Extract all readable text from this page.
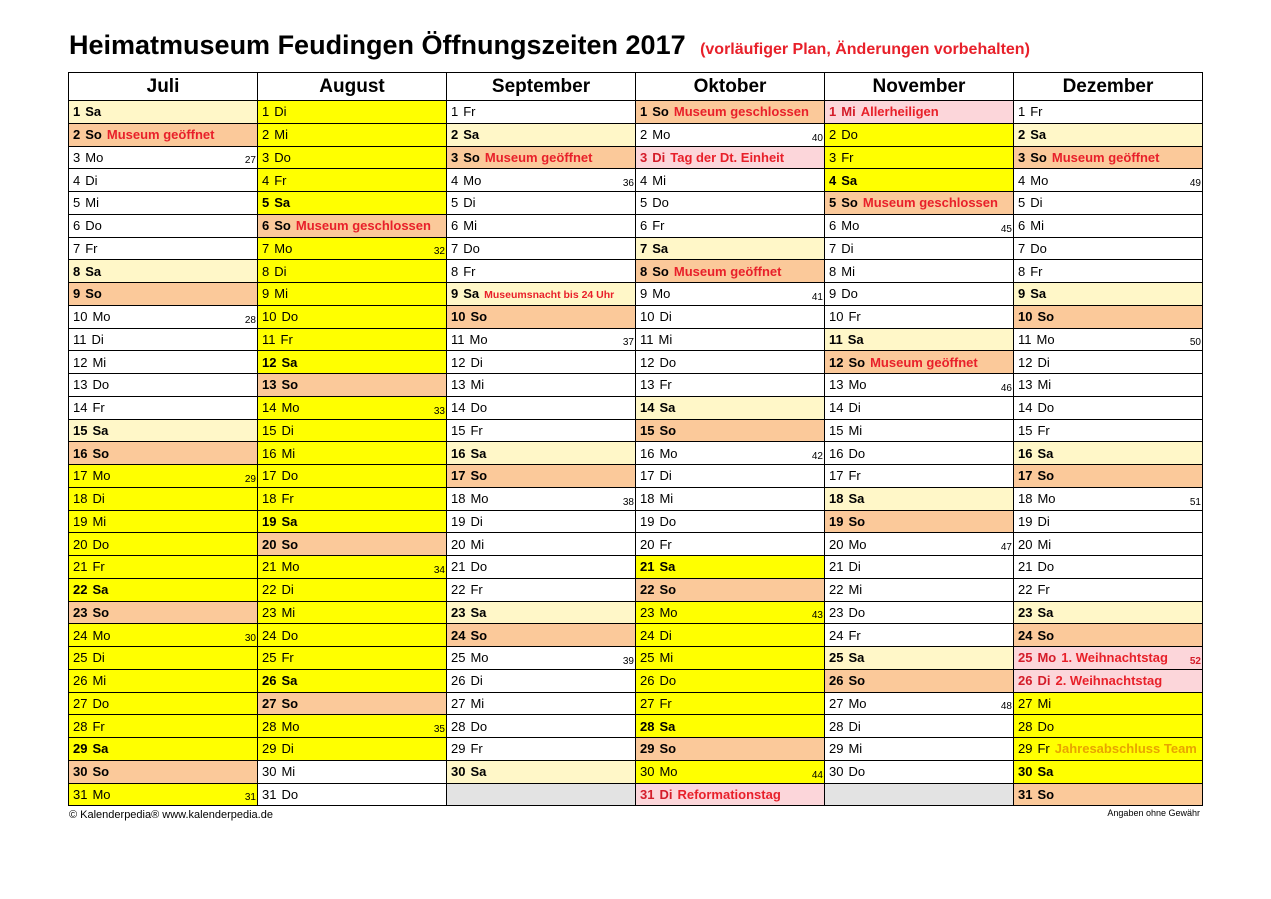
Heimatmuseum Feudingen Öffnungszeiten 2017 (vorläufiger Plan, Änderungen vorbehalten)
Juli	August	September	Oktober	November	Dezember
1 Sa	1 Di	1 Fr	1 So Museum geschlossen	1 Mi Allerheiligen	1 Fr
2 So Museum geöffnet	2 Mi	2 Sa	2 Mo 40	2 Do	2 Sa
3 Mo 27	3 Do	3 So Museum geöffnet	3 Di Tag der Dt. Einheit	3 Fr	3 So Museum geöffnet
4 Di	4 Fr	4 Mo 36	4 Mi	4 Sa	4 Mo 49

5 Mi	5 Sa	5 Di	5 Do	5 So Museum geschlossen	5 Di
6 Do	6 So Museum geschlossen	6 Mi	6 Fr	6 Mo 45	6 Mi
7 Fr	7 Mo 32	7 Do	7 Sa	7 Di	7 Do
8 Sa	8 Di	8 Fr	8 So Museum geöffnet	8 Mi	8 Fr
9 So	9 Mi	9 Sa Museumsnacht bis 24 Uhr	9 Mo 41	9 Do	9 Sa
10 Mo 28	10 Do	10 So	10 Di	10 Fr	10 So
11 Di	11 Fr	11 Mo 37	11 Mi	11 Sa	11 Mo 50

12 Mi	12 Sa	12 Di	12 Do	12 So Museum geöffnet	12 Di
13 Do	13 So	13 Mi	13 Fr	13 Mo 46	13 Mi
14 Fr	14 Mo 33	14 Do	14 Sa	14 Di	14 Do
15 Sa	15 Di	15 Fr	15 So	15 Mi	15 Fr
16 So	16 Mi	16 Sa	16 Mo 42	16 Do	16 Sa
17 Mo 29	17 Do	17 So	17 Di	17 Fr	17 So
18 Di	18 Fr	18 Mo 38	18 Mi	18 Sa	18 Mo 51

19 Mi	19 Sa	19 Di	19 Do	19 So	19 Di
20 Do	20 So	20 Mi	20 Fr	20 Mo 47	20 Mi
21 Fr	21 Mo 34	21 Do	21 Sa	21 Di	21 Do
22 Sa	22 Di	22 Fr	22 So	22 Mi	22 Fr
23 So	23 Mi	23 Sa	23 Mo 43	23 Do	23 Sa
24 Mo 30	24 Do	24 So	24 Di	24 Fr	24 So
25 Di	25 Fr	25 Mo 39	25 Mi	25 Sa	25 Mo 1. Weihnachtstag 52

26 Mi	26 Sa	26 Di	26 Do	26 So	26 Di 2. Weihnachtstag
27 Do	27 So	27 Mi	27 Fr	27 Mo 48	27 Mi
28 Fr	28 Mo 35	28 Do	28 Sa	28 Di	28 Do
29 Sa	29 Di	29 Fr	29 So	29 Mi	29 Fr Jahresabschluss Team
30 So	30 Mi	30 Sa	30 Mo 44	30 Do	30 Sa
31 Mo 31	31 Do		31 Di Reformationstag		31 So
© Kalenderpedia® www.kalenderpedia.de	Angaben ohne Gewähr
